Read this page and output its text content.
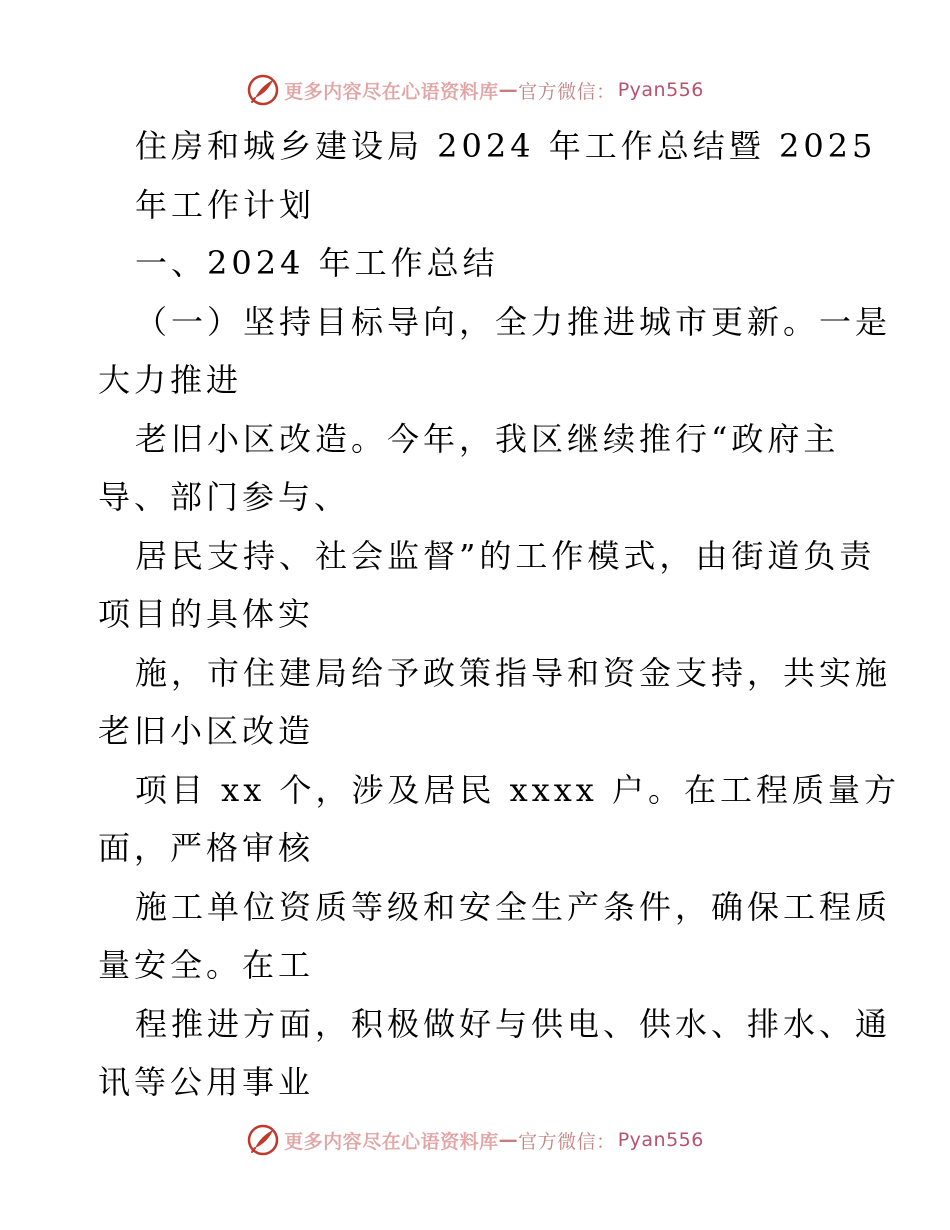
更多内容尽在心语资料库 — 官方微信： Pyan556
住房和城乡建设局 2024 年工作总结暨 2025
年工作计划
一、2024 年工作总结
（一）坚持目标导向，全力推进城市更新。一是
大力推进
老旧小区改造。今年，我区继续推行“政府主
导、部门参与、
居民支持、社会监督”的工作模式，由街道负责
项目的具体实
施，市住建局给予政策指导和资金支持，共实施
老旧小区改造
项目 xx 个，涉及居民 xxxx 户。在工程质量方
面，严格审核
施工单位资质等级和安全生产条件，确保工程质
量安全。在工
程推进方面，积极做好与供电、供水、排水、通
讯等公用事业
更多内容尽在心语资料库 — 官方微信： Pyan556
